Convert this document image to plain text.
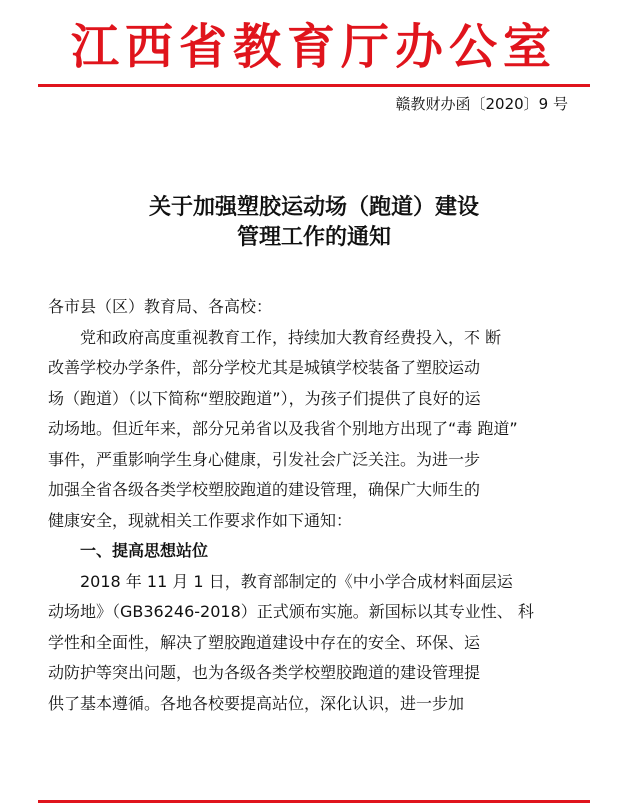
江西省教育厅办公室
赣教财办函〔2020〕9 号
关于加强塑胶运动场（跑道）建设
管理工作的通知
各市县（区）教育局、各高校：
党和政府高度重视教育工作，持续加大教育经费投入，不 断
改善学校办学条件，部分学校尤其是城镇学校装备了塑胶运动
场（跑道）（以下简称“塑胶跑道”），为孩子们提供了良好的运
动场地。但近年来，部分兄弟省以及我省个别地方出现了“毒 跑道”
事件，严重影响学生身心健康，引发社会广泛关注。为进一步
加强全省各级各类学校塑胶跑道的建设管理，确保广大师生的
健康安全，现就相关工作要求作如下通知：
一、提高思想站位
2018 年 11 月 1 日，教育部制定的《中小学合成材料面层运
动场地》（GB36246-2018）正式颁布实施。新国标以其专业性、 科
学性和全面性，解决了塑胶跑道建设中存在的安全、环保、运
动防护等突出问题，也为各级各类学校塑胶跑道的建设管理提
供了基本遵循。各地各校要提高站位，深化认识，进一步加
